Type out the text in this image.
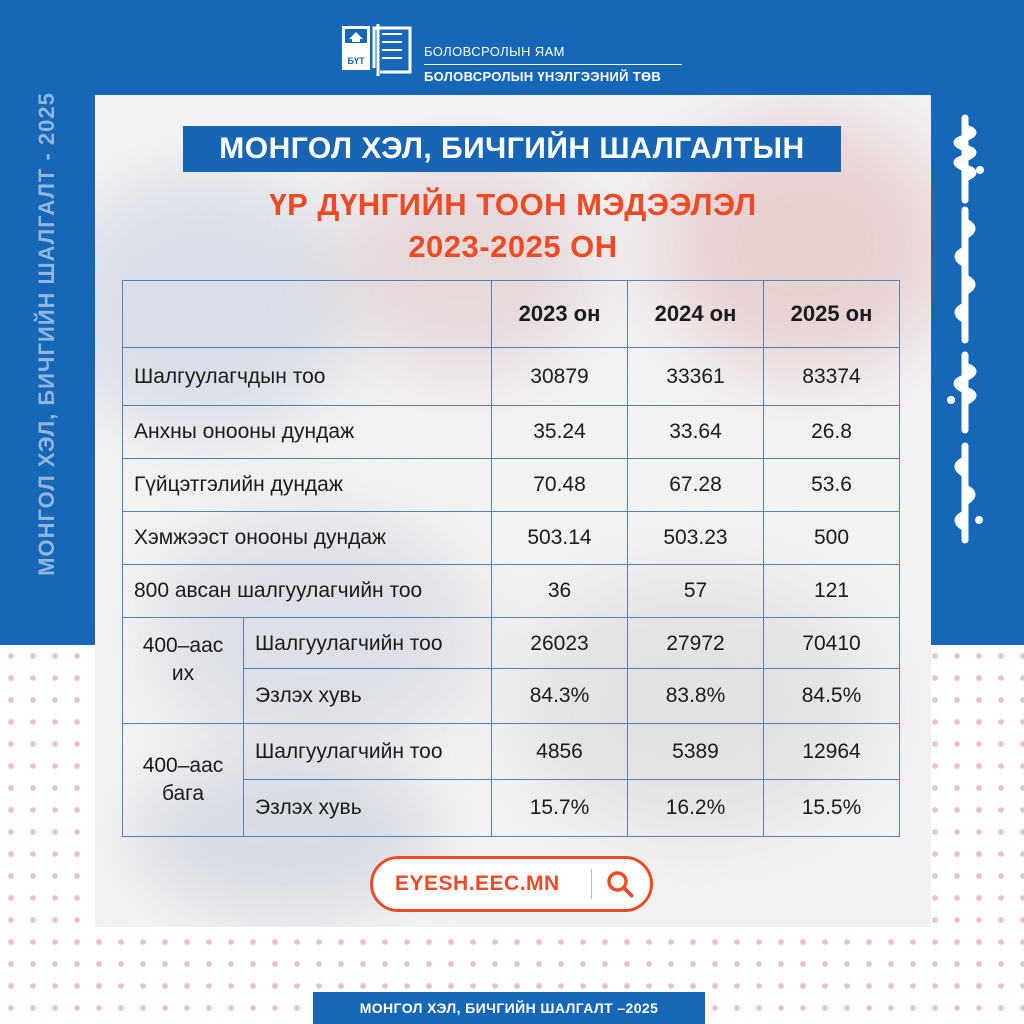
МОНГОЛ ХЭЛ, БИЧГИЙН ШАЛГАЛТ - 2025
БҮТ
БОЛОВСРОЛЫН ЯАМ
БОЛОВСРОЛЫН ҮНЭЛГЭЭНИЙ ТӨВ
МОНГОЛ ХЭЛ, БИЧГИЙН ШАЛГАЛТЫН
ҮР ДҮНГИЙН ТООН МЭДЭЭЛЭЛ
2023-2025 ОН
		2023 он	2024 он	2025 он
Шалгуулагчдын тоо		30879	33361	83374
Анхны онооны дундаж		35.24	33.64	26.8
Гүйцэтгэлийн дундаж		70.48	67.28	53.6
Хэмжээст онооны дундаж		503.14	503.23	500
800 авсан шалгуулагчийн тоо		36	57	121

400–аас
их	Шалгуулагчийн тоо	26023	27972	70410
	Эзлэх хувь	84.3%	83.8%	84.5%

400–аас
бага	Шалгуулагчийн тоо	4856	5389	12964
	Эзлэх хувь	15.7%	16.2%	15.5%
EYESH.EEC.MN
МОНГОЛ ХЭЛ, БИЧГИЙН ШАЛГАЛТ –2025
